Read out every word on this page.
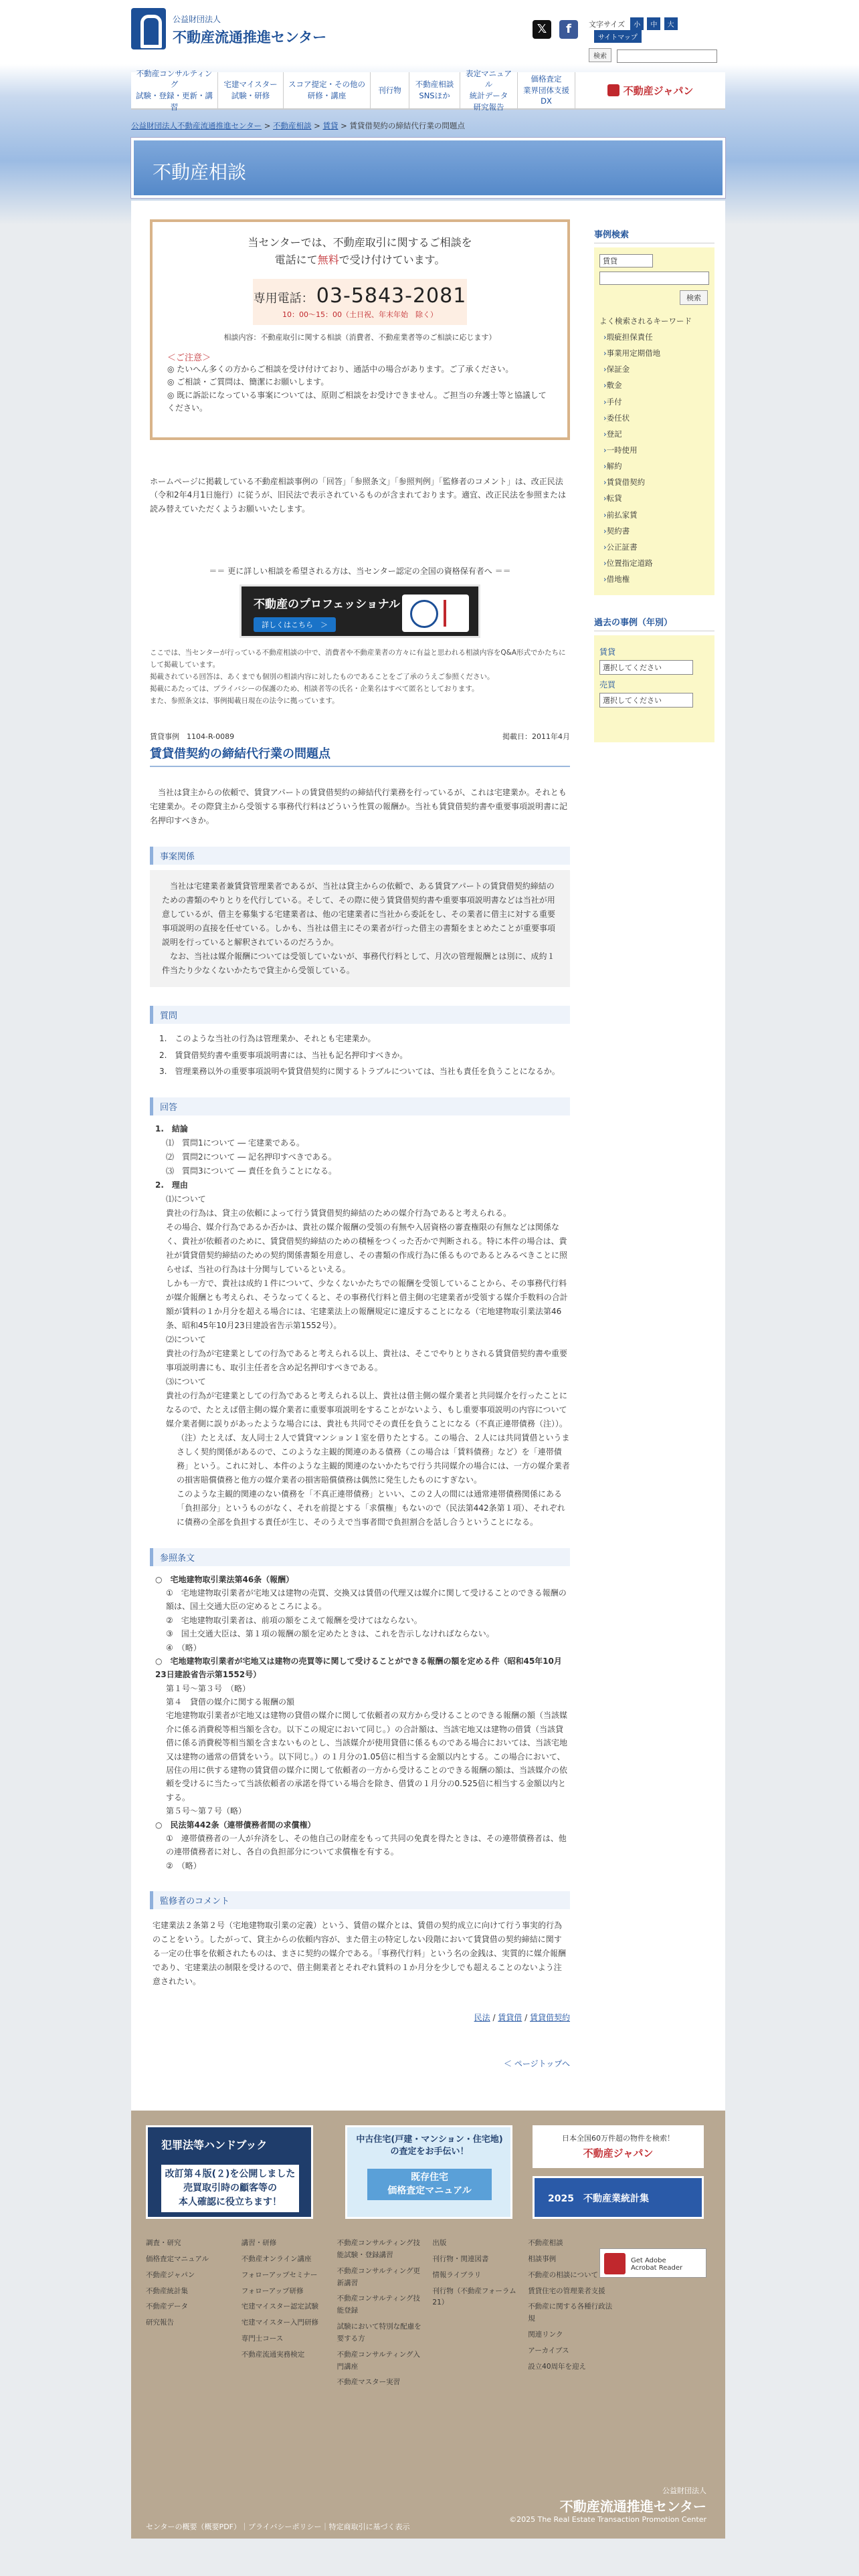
公益財団法人
不動産流通推進センター
𝕏	f	文字サイズ 小 中 大 サイトマップ
検索
不動産コンサルティング
試験・登録・更新・講習
宅建マイスター
試験・研修
スコア提定・その他の
研修・講座
刊行物
不動産相談
SNSほか
表定マニュアル
統計データ
研究報告
価格査定
業界団体支援
DX
不動産ジャパン
公益財団法人不動産流通推進センター > 不動産相談 > 賃貸 > 賃貸借契約の締結代行業の問題点
不動産相談
当センターでは、不動産取引に関するご相談を
電話にて無料で受け付けています。
専用電話： 03-5843-2081
10：00～15：00（土日祝、年末年始　除く）
相談内容：不動産取引に関する相談（消費者、不動産業者等のご相談に応じます）
＜ご注意＞
◎ たいへん多くの方からご相談を受け付けており、通話中の場合があります。ご了承ください。
◎ ご相談・ご質問は、簡潔にお願いします。
◎ 既に訴訟になっている事案については、原則ご相談をお受けできません。ご担当の弁護士等と協議してください。

ホームページに掲載している不動産相談事例の「回答」「参照条文」「参照判例」「監修者のコメント」は、改正民法（令和2年4月1日施行）に従うが、旧民法で表示されているものが含まれております。適宜、改正民法を参照または読み替えていただくようお願いいたします。

＝＝ 更に詳しい相談を希望される方は、当センター認定の全国の資格保有者へ ＝＝
不動産のプロフェッショナル
詳しくはこちら　＞
ここでは、当センターが行っている不動産相談の中で、消費者や不動産業者の方々に有益と思われる相談内容をQ&A形式でかたちにして掲載しています。
掲載されている回答は、あくまでも個別の相談内容に対したものであることをご了承のうえご参照ください。
掲載にあたっては、プライバシーの保護のため、相談者等の氏名・企業名はすべて匿名としております。
また、参照条文は、事例掲載日現在の法令に拠っています。
賃貸事例　1104-R-0089	掲載日：2011年4月
賃貸借契約の締結代行業の問題点

当社は貸主からの依頼で、賃貸アパートの賃貸借契約の締結代行業務を行っているが、これは宅建業か。それとも宅建業か。その際貸主から受領する事務代行料はどういう性質の報酬か。当社も賃貸借契約書や重要事項説明書に記名押印すべきか。

事案関係

当社は宅建業者兼賃貸管理業者であるが、当社は貸主からの依頼で、ある賃貸アパートの賃貸借契約締結のための書類のやりとりを代行している。そして、その際に使う賃貸借契約書や重要事項説明書などは当社が用意しているが、借主を募集する宅建業者は、他の宅建業者に当社から委託をし、その業者に借主に対する重要事項説明の直接を任せている。しかも、当社は借主にその業者が行った借主の書類をまとめたことが重要事項説明を行っていると解釈されているのだろうか。

なお、当社は媒介報酬については受領していないが、事務代行料として、月次の管理報酬とは別に、成約１件当たり少なくないかたちで貸主から受領している。

質問
1.　このような当社の行為は管理業か、それとも宅建業か。
2.　賃貸借契約書や重要事項説明書には、当社も記名押印すべきか。
3.　管理業務以外の重要事項説明や賃貸借契約に関するトラブルについては、当社も責任を負うことになるか。
回答

1.　結論

⑴　質問1について ― 宅建業である。

⑵　質問2について ― 記名押印すべきである。

⑶　質問3について ― 責任を負うことになる。

2.　理由

⑴について

貴社の行為は、貸主の依頼によって行う賃貸借契約締結のための媒介行為であると考えられる。

その場合、媒介行為であるか否かは、貴社の媒介報酬の受領の有無や入居資格の審査権限の有無などは関係なく、貴社が依頼者のために、賃貸借契約締結のための積極をつくった否かで判断される。特に本件の場合は、貴社が賃貸借契約締結のための契約関係書類を用意し、その書類の作成行為に係るものであるとみるべきことに照らせば、当社の行為は十分関与しているといえる。

しかも一方で、貴社は成約１件について、少なくないかたちでの報酬を受領していることから、その事務代行料が媒介報酬とも考えられ、そうなってくると、その事務代行料と借主側の宅建業者が受領する媒介手数料の合計額が賃料の１か月分を超える場合には、宅建業法上の報酬規定に違反することになる（宅地建物取引業法第46条、昭和45年10月23日建設省告示第1552号）。

⑵について

貴社の行為が宅建業としての行為であると考えられる以上、貴社は、そこでやりとりされる賃貸借契約書や重要事項説明書にも、取引主任者を含め記名押印すべきである。

⑶について

貴社の行為が宅建業としての行為であると考えられる以上、貴社は借主側の媒介業者と共同媒介を行ったことになるので、たとえば借主側の媒介業者に重要事項説明をすることがないよう、もし重要事項説明の内容について媒介業者側に誤りがあったような場合には、貴社も共同でその責任を負うことになる（不真正連帯債務（注））。

（注）たとえば、友人同士２人で賃貸マンション１室を借りたとする。この場合、２人には共同賃借というまさしく契約関係があるので、このような主観的関連のある債務（この場合は「賃料債務」など）を「連帯債務」という。これに対し、本件のような主観的関連のないかたちで行う共同媒介の場合には、一方の媒介業者の損害賠償債務と他方の媒介業者の損害賠償債務は偶然に発生したものにすぎない。

このような主観的関連のない債務を「不真正連帯債務」といい、この２人の間には通常連帯債務関係にある「負担部分」というものがなく、それを前提とする「求償権」もないので（民法第442条第１項）、それぞれに債務の全部を負担する責任が生じ、そのうえで当事者間で負担割合を話し合うということになる。

参照条文

○　宅地建物取引業法第46条（報酬）

①　宅地建物取引業者が宅地又は建物の売買、交換又は賃借の代理又は媒介に関して受けることのできる報酬の額は、国土交通大臣の定めるところによる。

②　宅地建物取引業者は、前項の額をこえて報酬を受けてはならない。

③　国土交通大臣は、第１項の報酬の額を定めたときは、これを告示しなければならない。

④　（略）

○　宅地建物取引業者が宅地又は建物の売買等に関して受けることができる報酬の額を定める件（昭和45年10月23日建設省告示第1552号）

第１号〜第３号　（略）

第４　貸借の媒介に関する報酬の額

宅地建物取引業者が宅地又は建物の貸借の媒介に関して依頼者の双方から受けることのできる報酬の額（当該媒介に係る消費税等相当額を含む。以下この規定において同じ。）の合計額は、当該宅地又は建物の借賃（当該貸借に係る消費税等相当額を含まないものとし、当該媒介が使用貸借に係るものである場合においては、当該宅地又は建物の通常の借賃をいう。以下同じ。）の１月分の1.05倍に相当する金額以内とする。この場合において、居住の用に供する建物の賃貸借の媒介に関して依頼者の一方から受けることのできる報酬の額は、当該媒介の依頼を受けるに当たって当該依頼者の承諾を得ている場合を除き、借賃の１月分の0.525倍に相当する金額以内とする。

第５号〜第７号（略）

○　民法第442条（連帯債務者間の求償権）

①　連帯債務者の一人が弁済をし、その他自己の財産をもって共同の免責を得たときは、その連帯債務者は、他の連帯債務者に対し、各自の負担部分について求償権を有する。

②　（略）

監修者のコメント

宅建業法２条第２号（宅地建物取引業の定義）という、賃借の媒介とは、賃借の契約成立に向けて行う事実的行為のことをいう。したがって、貸主からの依頼内容が、また借主の特定しない段階において賃貸借の契約締結に関する一定の仕事を依頼されたものは、まさに契約の媒介である。「事務代行料」という名の金銭は、実質的に媒介報酬であり、宅建業法の制限を受けるので、借主側業者とそれぞれ賃料の１か月分を少しでも超えることのないよう注意されたい。

民法 / 賃貸借 / 賃貸借契約
＜ ページトップへ
事例検索
賃貸
検索
よく検索されるキーワード
› 瑕疵担保責任
› 事業用定期借地
› 保証金
› 敷金
› 手付
› 委任状
› 登記
› 一時使用
› 解約
› 賃貸借契約
› 転貸
› 前払家賃
› 契約書
› 公正証書
› 位置指定道路
› 借地権
過去の事例（年別）
賃貸
選択してください
売買
選択してください
犯罪法等ハンドブック
改訂第４版(２)を公開しました
売買取引時の顧客等の
本人確認に役立ちます！
中古住宅(戸建・マンション・住宅地)
の査定をお手伝い！
既存住宅
価格査定マニュアル
日本全国60万件超の物件を検索！
不動産ジャパン
2025　不動産業統計集
調査・研究
価格査定マニュアル
不動産ジャパン
不動産統計集
不動産データ
研究報告
講習・研修
不動産オンライン講座
フォローアップセミナー
フォローアップ研修
宅建マイスター認定試験
宅建マイスター入門研修
専門士コース
不動産流通実務検定
不動産コンサルティング技能試験・登録講習
不動産コンサルティング更新講習
不動産コンサルティング技能登録
試験において特別な配慮を要する方
不動産コンサルティング入門講座
不動産マスター実習
出版
刊行物・関連図書
情報ライブラリ
刊行物（不動産フォーラム21）
不動産相談
相談事例
不動産の相談について
賃貸住宅の管理業者支援
不動産に関する各種行政法規
関連リンク
アーカイブス
設立40周年を迎え
Get Adobe
Acrobat Reader
公益財団法人
不動産流通推進センター
©2025 The Real Estate Transaction Promotion Center
センターの概要（概要PDF）｜プライバシーポリシー｜特定商取引に基づく表示
